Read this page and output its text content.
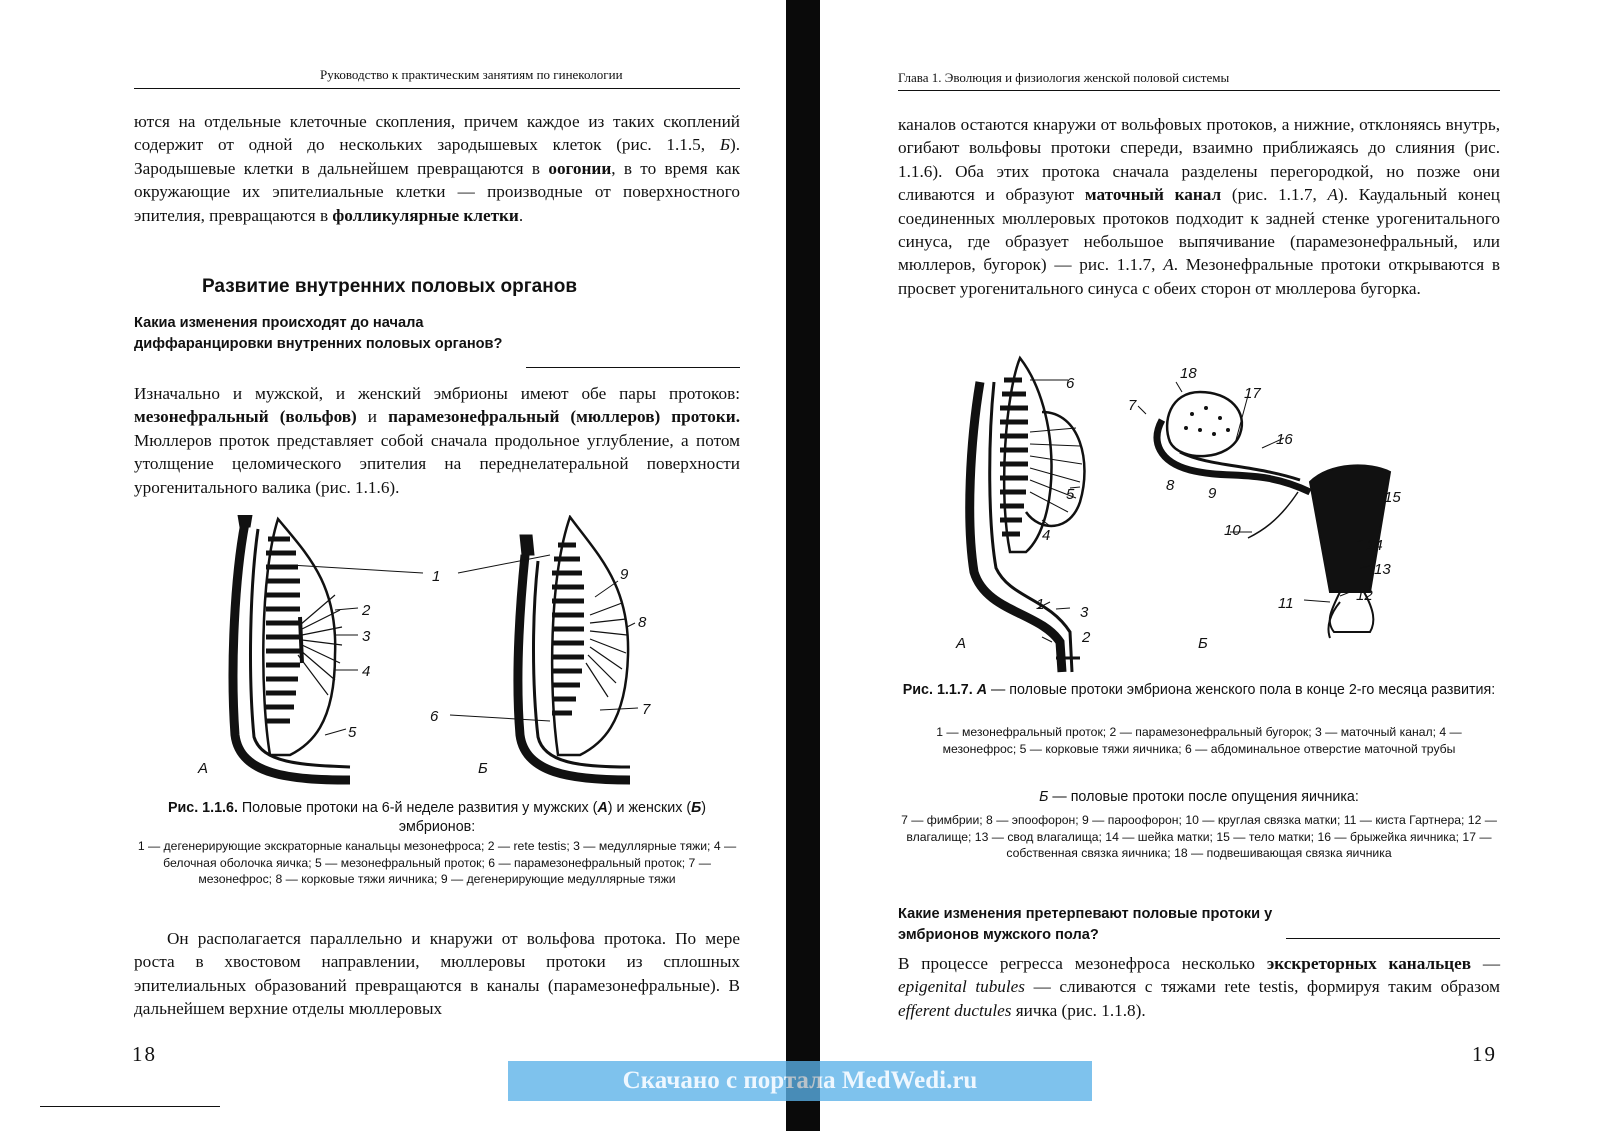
Руководство к практическим занятиям по гинекологии

ются на отдельные клеточные скопления, причем каждое из таких скоплений содержит от одной до нескольких зародышевых клеток (рис. 1.1.5, Б). Зародышевые клетки в дальнейшем превращаются в оогонии, в то время как окружающие их эпителиальные клетки — производные от поверхностного эпителия, превращаются в фолликулярные клетки.

Развитие внутренних половых органов

Какиа изменения происходят до начала диффаранцировки внутренних половых органов?

Изначально и мужской, и женский эмбрионы имеют обе пары протоков: мезонефральный (вольфов) и парамезонефральный (мюллеров) протоки. Мюллеров проток представляет собой сначала продольное углубление, а потом утолщение целомического эпителия на переднелатеральной поверхности урогенитального валика (рис. 1.1.6).

1
2
3
4
5
6	7
8
9
А	Б

Рис. 1.1.6. Половые протоки на 6-й неделе развития у мужских (А) и женских (Б) эмбрионов:

1 — дегенерирующие экскраторные канальцы мезонефроса; 2 — rete testis; 3 — медуллярные тяжи; 4 — белочная оболочка яичка; 5 — мезонефральный проток; 6 — парамезонефральный проток; 7 — мезонефрос; 8 — корковые тяжи яичника; 9 — дегенерирующие медуллярные тяжи

Он располагается параллельно и кнаружи от вольфова протока. По мере роста в хвостовом направлении, мюллеровы протоки из сплошных эпителиальных образований превращаются в каналы (парамезонефральные). В дальнейшем верхние отделы мюллеровых

18
Глава 1. Эволюция и физиология женской половой системы

каналов остаются кнаружи от вольфовых протоков, а нижние, отклоняясь внутрь, огибают вольфовы протоки спереди, взаимно приближаясь до слияния (рис. 1.1.6). Оба этих протока сначала разделены перегородкой, но позже они сливаются и образуют маточный канал (рис. 1.1.7, А). Каудальный конец соединенных мюллеровых протоков подходит к задней стенке урогенитального синуса, где образует небольшое выпячивание (парамезонефральный, или мюллеров, бугорок) — рис. 1.1.7, А. Мезонефральные протоки открываются в просвет урогенитального синуса с обеих сторон от мюллерова бугорка.

6
5
4
1 3
2
А
18
17
7
16
8 9	15
10
14
13
12
11
Б

Рис. 1.1.7. А — половые протоки эмбриона женского пола в конце 2-го месяца развития:

1 — мезонефральный проток; 2 — парамезонефральный бугорок; 3 — маточный канал; 4 — мезонефрос; 5 — корковые тяжи яичника; 6 — абдоминальное отверстие маточной трубы

Б — половые протоки после опущения яичника:

7 — фимбрии; 8 — эпоофорон; 9 — пароофорон; 10 — круглая связка матки; 11 — киста Гартнера; 12 — влагалище; 13 — свод влагалища; 14 — шейка матки; 15 — тело матки; 16 — брыжейка яичника; 17 — собственная связка яичника; 18 — подвешивающая связка яичника

Какие изменения претерпевают половые протоки у эмбрионов мужского пола?

В процессе регресса мезонефроса несколько экскреторных канальцев — epigenital tubules — сливаются с тяжами rete testis, формируя таким образом efferent ductules яичка (рис. 1.1.8).

19
Скачано с портала MedWedi.ru
